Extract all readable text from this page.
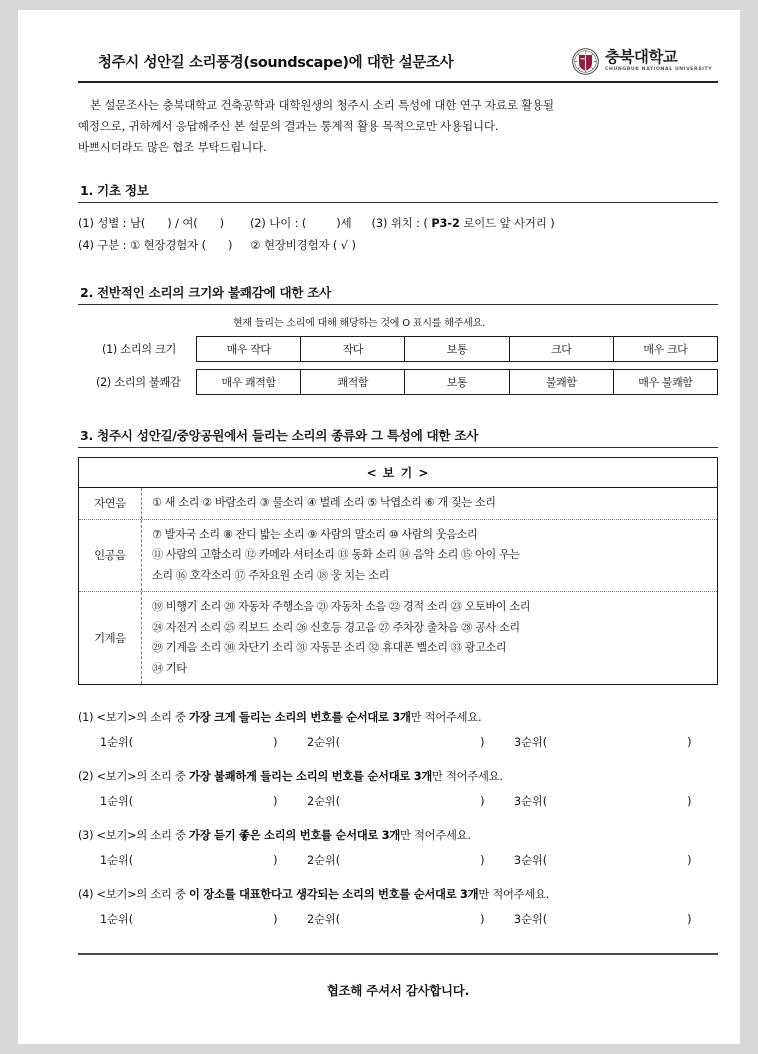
청주시 성안길 소리풍경(soundscape)에 대한 설문조사	충북대학교
CHUNGBUK NATIONAL UNIVERSITY

본 설문조사는 충북대학교 건축공학과 대학원생의 청주시 소리 특성에 대한 연구 자료로 활용될

예정으로, 귀하께서 응답해주신 본 설문의 결과는 통계적 활용 목적으로만 사용됩니다.

바쁘시더라도 많은 협조 부탁드립니다.

1. 기초 정보
(1) 성별 : 남( ) / 여( ) (2) 나이 : (	)세 (3) 위치 : ( P3-2 로이드 앞 사거리 )
(4) 구분 : ① 현장경험자 ( ) ② 현장비경험자 ( √ )
2. 전반적인 소리의 크기와 불쾌감에 대한 조사
현재 들리는 소리에 대해 해당하는 것에 O 표시를 해주세요.
(1) 소리의 크기	매우 작다	작다	보통	크다	매우 크다
(2) 소리의 불쾌감	매우 쾌적함	쾌적함	보통	불쾌함	매우 불쾌함
3. 청주시 성안길/중앙공원에서 들리는 소리의 종류와 그 특성에 대한 조사
< 보 기 >
자연음	① 새 소리 ② 바람소리 ③ 물소리 ④ 벌레 소리 ⑤ 낙엽소리 ⑥ 개 짖는 소리
인공음
⑦ 발자국 소리 ⑧ 잔디 밟는 소리 ⑨ 사람의 말소리 ⑩ 사람의 웃음소리
⑪ 사람의 고함소리 ⑫ 카메라 셔터소리 ⑬ 동화 소리 ⑭ 음악 소리 ⑮ 아이 우는
소리 ⑯ 호각소리 ⑰ 주차요원 소리 ⑱ 웅 치는 소리
기계음
⑲ 비행기 소리 ⑳ 자동차 주행소음 ㉑ 자동차 소음 ㉒ 경적 소리 ㉓ 오토바이 소리
㉔ 자전거 소리 ㉕ 킥보드 소리 ㉖ 신호등 경고음 ㉗ 주차장 출차음 ㉘ 공사 소리
㉙ 기계음 소리 ㉚ 차단기 소리 ㉛ 자동문 소리 ㉜ 휴대폰 벨소리 ㉝ 광고소리
㉞ 기타
(1) <보기>의 소리 중 가장 크게 들리는 소리의 번호를 순서대로 3개만 적어주세요.
1순위(	)	2순위(	)	3순위(	)
(2) <보기>의 소리 중 가장 불쾌하게 들리는 소리의 번호를 순서대로 3개만 적어주세요.
1순위(	)	2순위(	)	3순위(	)
(3) <보기>의 소리 중 가장 듣기 좋은 소리의 번호를 순서대로 3개만 적어주세요.
1순위(	)	2순위(	)	3순위(	)
(4) <보기>의 소리 중 이 장소를 대표한다고 생각되는 소리의 번호를 순서대로 3개만 적어주세요.
1순위(	)	2순위(	)	3순위(	)
협조해 주셔서 감사합니다.
